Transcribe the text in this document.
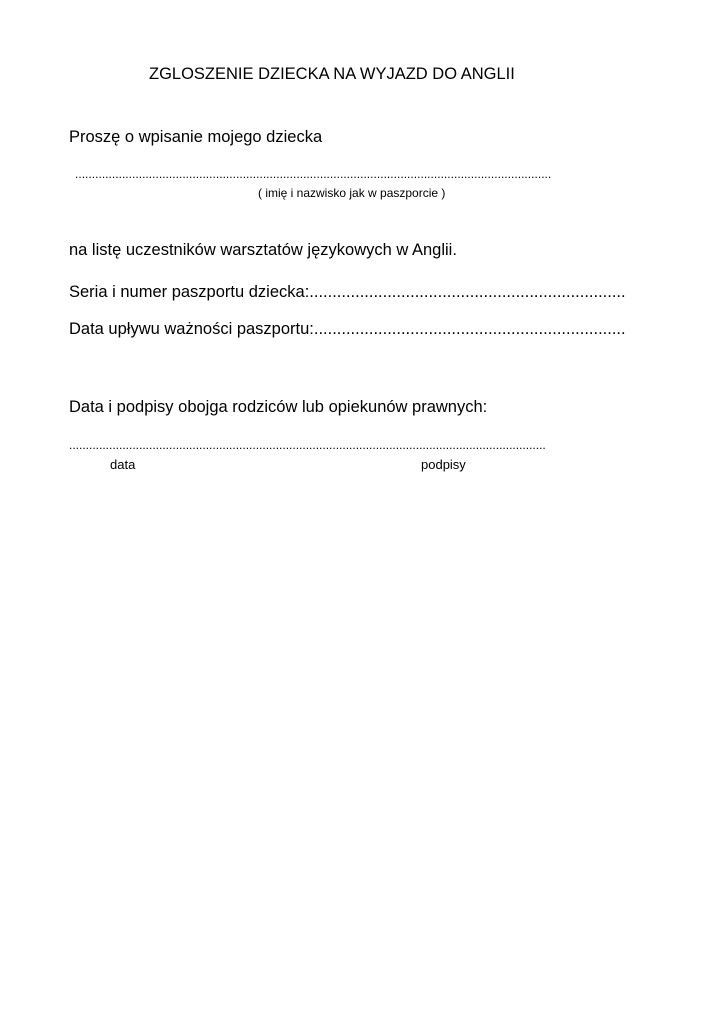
ZGLOSZENIE DZIECKA NA WYJAZD DO ANGLII
Proszę o wpisanie mojego dziecka
..............................................................................................................................................
( imię i nazwisko jak w paszporcie )
na listę uczestników warsztatów językowych w Anglii.
Seria i numer paszportu dziecka:.....................................................................
Data upływu ważności paszportu:....................................................................
Data i podpisy obojga rodziców lub opiekunów prawnych:
...............................................................................................................................................
data	podpisy
